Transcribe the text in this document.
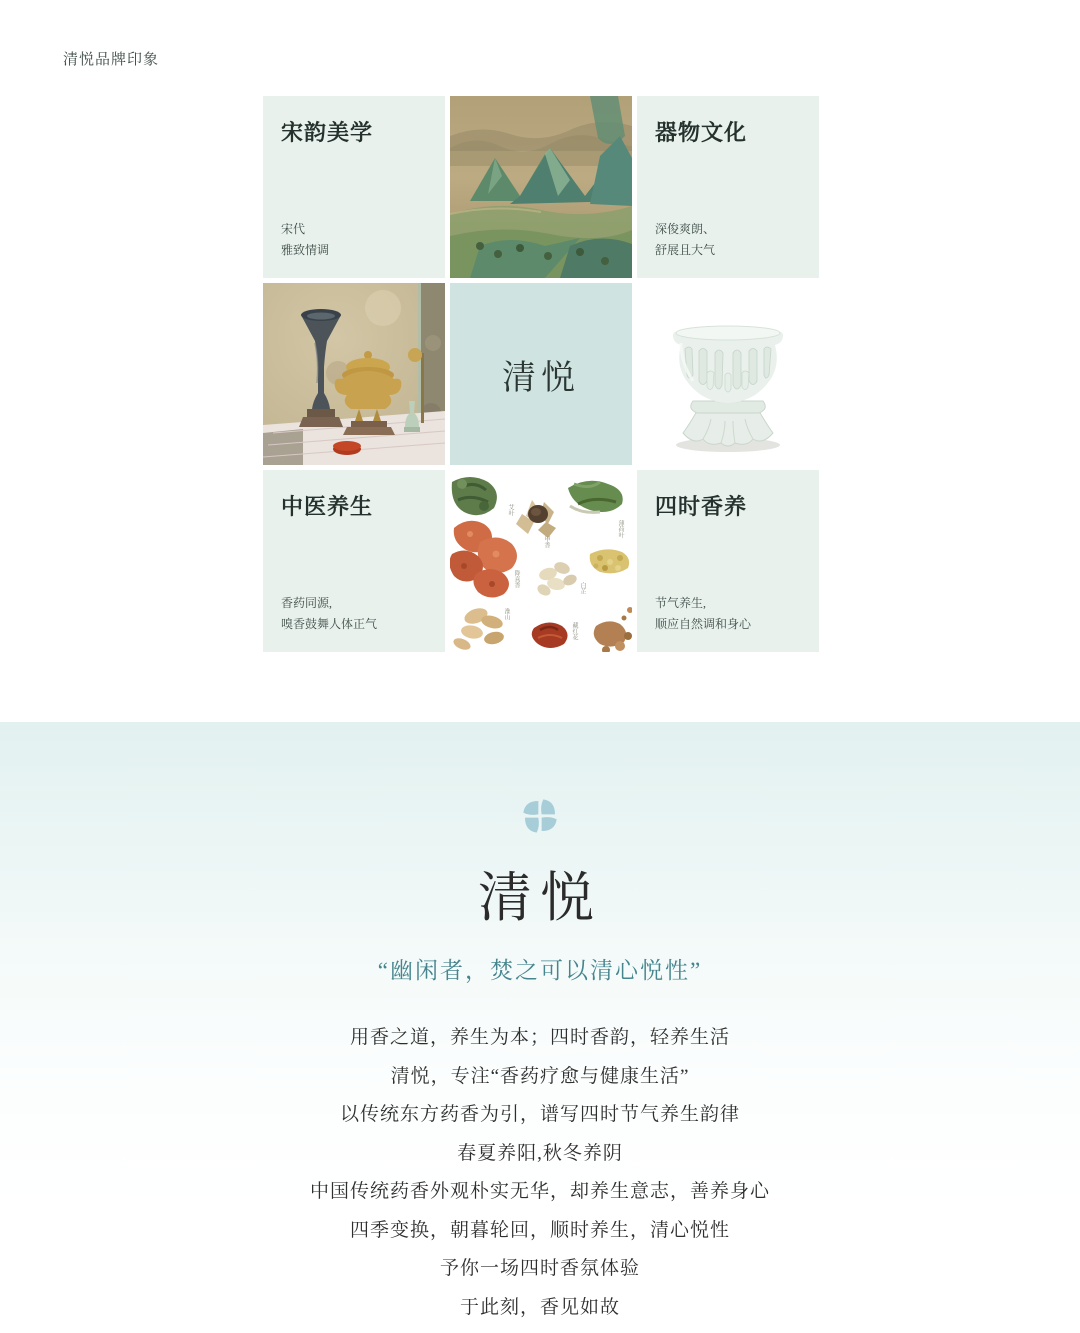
清悦品牌印象
宋韵美学
宋代
雅致情调
器物文化
深俊爽朗、
舒展且大气
清悦
中医养生
香药同源,
嗅香鼓舞人体正气
艾叶
甲香
薄荷叶
降真香	白芷
淮山
藏红花
四时香养
节气养生,
顺应自然调和身心
清悦
“幽闲者，焚之可以清心悦性”

用香之道，养生为本；四时香韵，轻养生活

清悦，专注“香药疗愈与健康生活”

以传统东方药香为引，谱写四时节气养生韵律

春夏养阳,秋冬养阴

中国传统药香外观朴实无华，却养生意志，善养身心

四季变换，朝暮轮回，顺时养生，清心悦性

予你一场四时香氛体验

于此刻，香见如故
